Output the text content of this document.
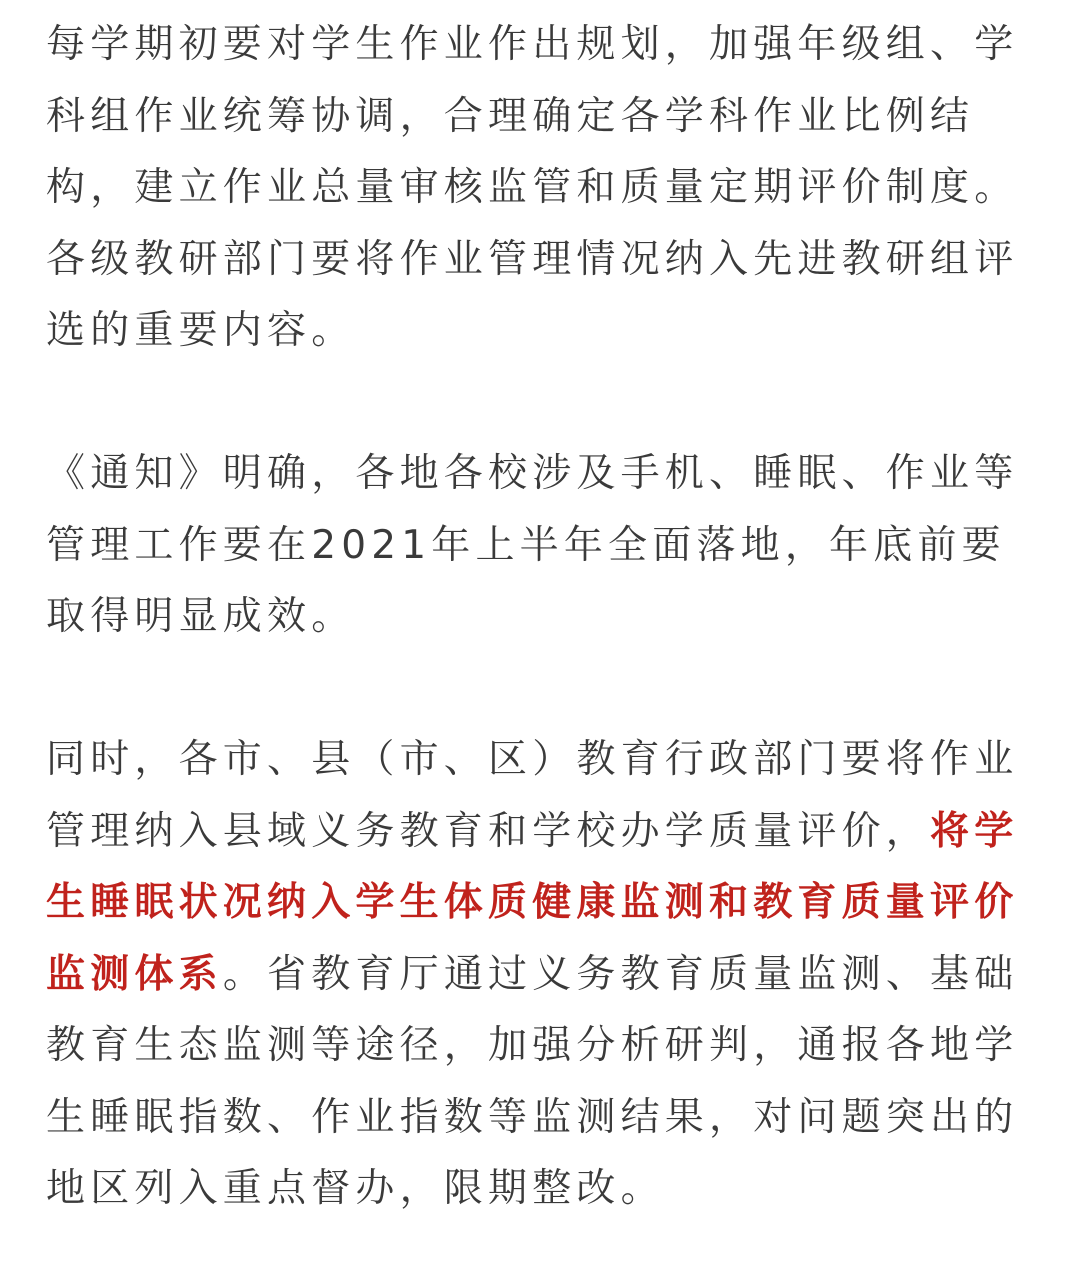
每学期初要对学生作业作出规划，加强年级组、学科组作业统筹协调，合理确定各学科作业比例结构，建立作业总量审核监管和质量定期评价制度。各级教研部门要将作业管理情况纳入先进教研组评选的重要内容。

《通知》明确，各地各校涉及手机、睡眠、作业等管理工作要在2021年上半年全面落地，年底前要取得明显成效。

同时，各市、县（市、区）教育行政部门要将作业管理纳入县域义务教育和学校办学质量评价，将学生睡眠状况纳入学生体质健康监测和教育质量评价监测体系。省教育厅通过义务教育质量监测、基础教育生态监测等途径，加强分析研判，通报各地学生睡眠指数、作业指数等监测结果，对问题突出的地区列入重点督办，限期整改。
